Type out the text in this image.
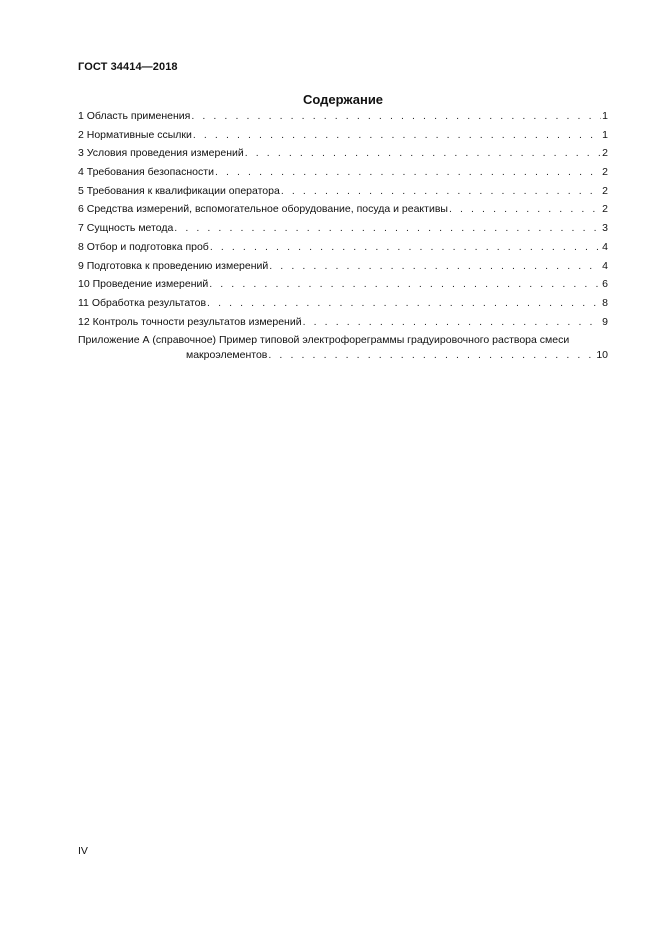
ГОСТ 34414—2018
Содержание
1 Область применения . . .	1
2 Нормативные ссылки . . .	1
3 Условия проведения измерений . . .	2
4 Требования безопасности . . .	2
5 Требования к квалификации оператора . . .	2
6 Средства измерений, вспомогательное оборудование, посуда и реактивы . . .	2
7 Сущность метода . . .	3
8 Отбор и подготовка проб . . .	4
9 Подготовка к проведению измерений . . .	4
10 Проведение измерений . . .	6
11 Обработка результатов . . .	8
12 Контроль точности результатов измерений . . .	9
Приложение А (справочное) Пример типовой электрофореграммы градуировочного раствора смеси
макроэлементов . . .	10
IV
